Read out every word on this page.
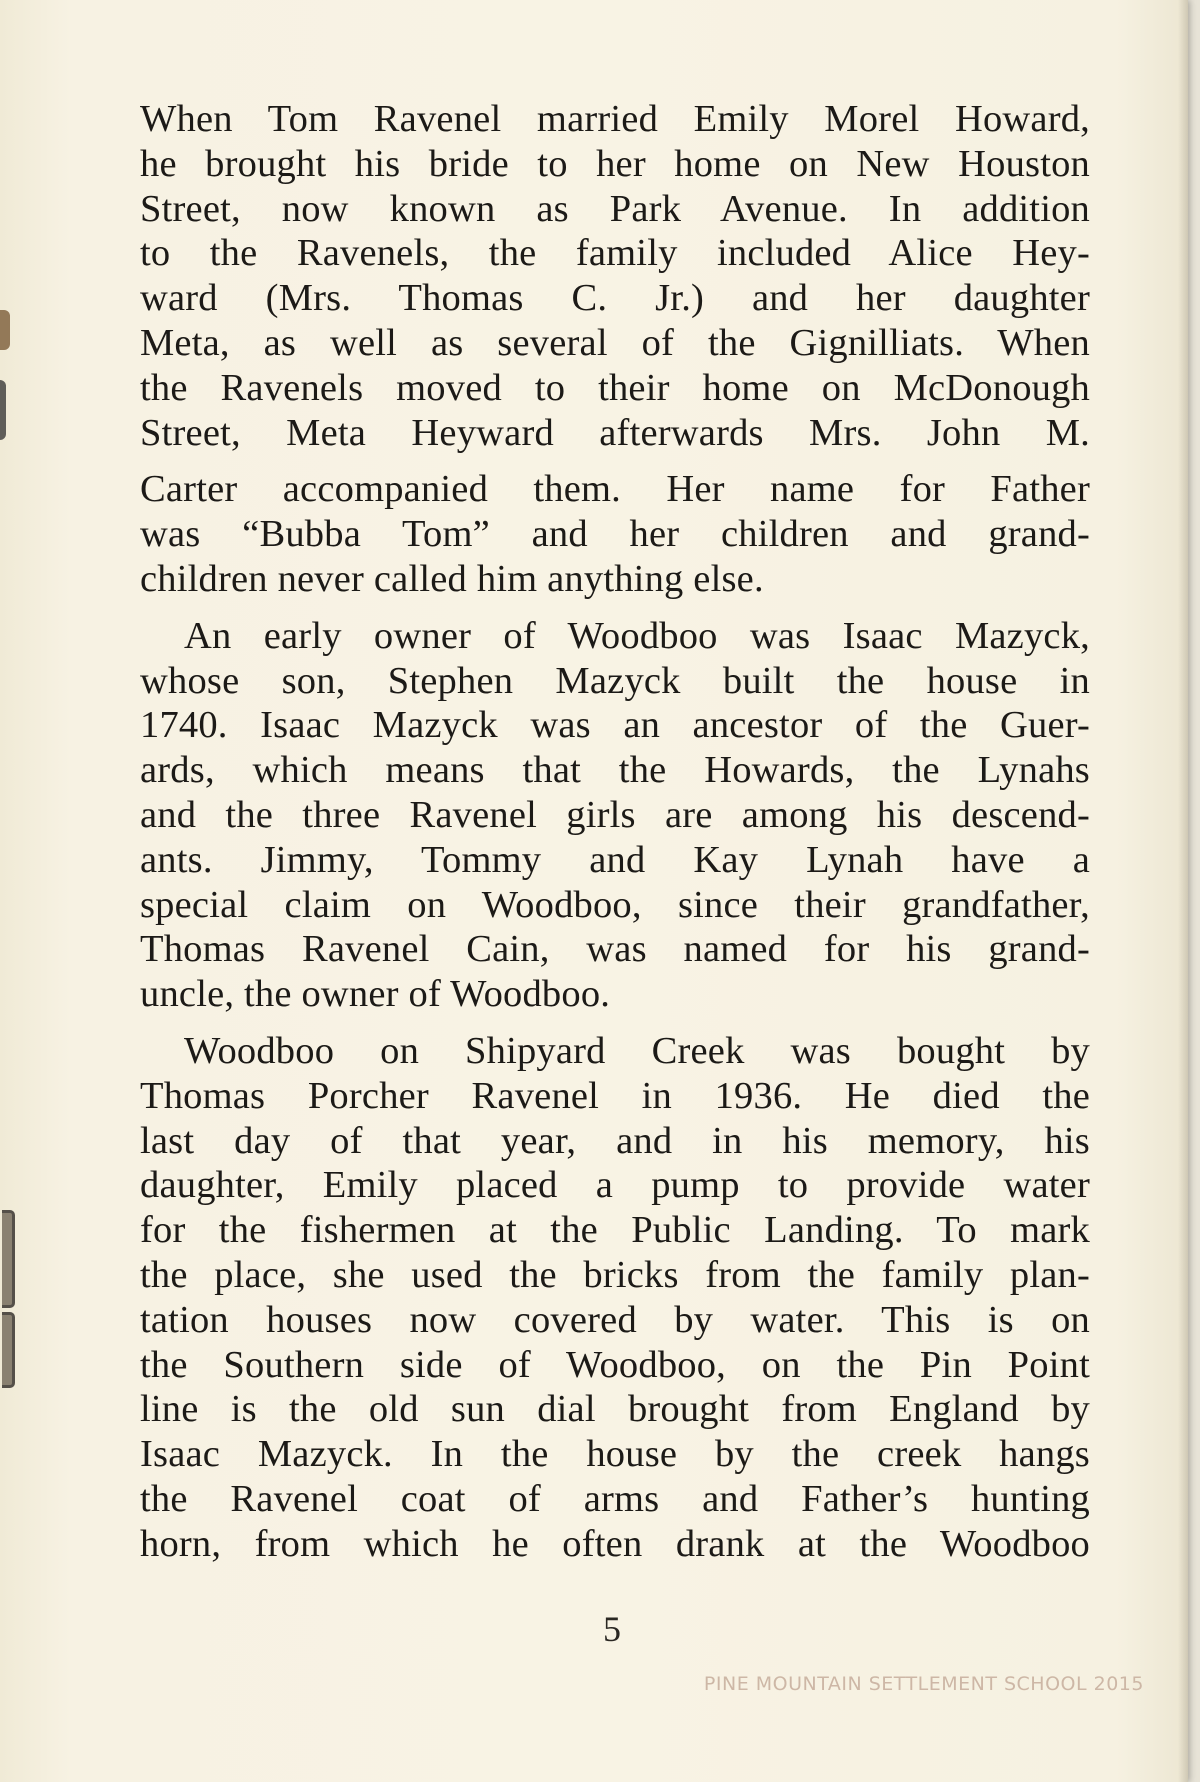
When Tom Ravenel married Emily Morel Howard,
he brought his bride to her home on New Houston
Street, now known as Park Avenue. In addition
to the Ravenels, the family included Alice Hey-
ward (Mrs. Thomas C. Jr.) and her daughter
Meta, as well as several of the Gignilliats. When
the Ravenels moved to their home on McDonough
Street, Meta Heyward afterwards Mrs. John M.
Carter accompanied them. Her name for Father
was “Bubba Tom” and her children and grand-
children never called him anything else.
An early owner of Woodboo was Isaac Mazyck,
whose son, Stephen Mazyck built the house in
1740. Isaac Mazyck was an ancestor of the Guer-
ards, which means that the Howards, the Lynahs
and the three Ravenel girls are among his descend-
ants. Jimmy, Tommy and Kay Lynah have a
special claim on Woodboo, since their grandfather,
Thomas Ravenel Cain, was named for his grand-
uncle, the owner of Woodboo.
Woodboo on Shipyard Creek was bought by
Thomas Porcher Ravenel in 1936. He died the
last day of that year, and in his memory, his
daughter, Emily placed a pump to provide water
for the fishermen at the Public Landing. To mark
the place, she used the bricks from the family plan-
tation houses now covered by water. This is on
the Southern side of Woodboo, on the Pin Point
line is the old sun dial brought from England by
Isaac Mazyck. In the house by the creek hangs
the Ravenel coat of arms and Father’s hunting
horn, from which he often drank at the Woodboo
5
PINE MOUNTAIN SETTLEMENT SCHOOL 2015
